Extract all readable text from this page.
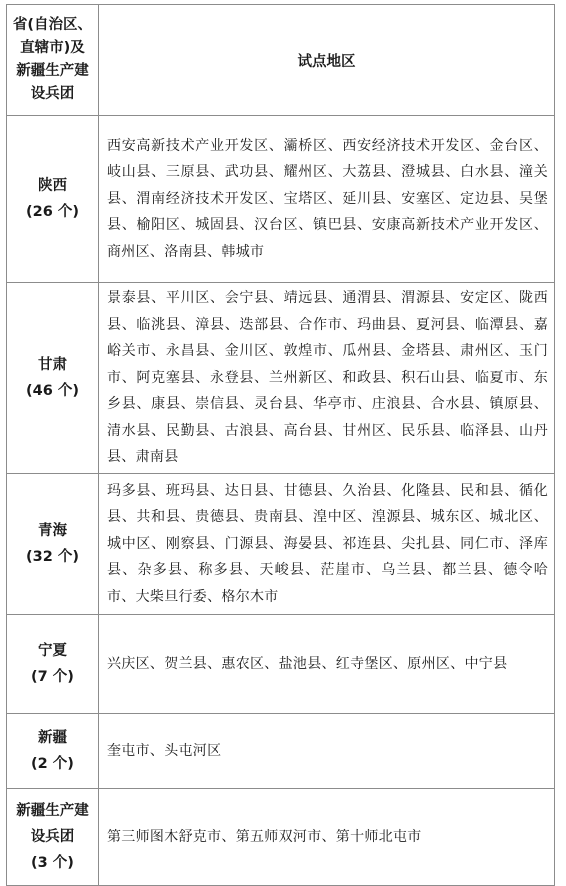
省(自治区、
直辖市)及
新疆生产建
设兵团	试点地区

陕西
(26 个)	西安高新技术产业开发区、灞桥区、西安经济技术开发区、金台区、岐山县、三原县、武功县、耀州区、大荔县、澄城县、白水县、潼关县、渭南经济技术开发区、宝塔区、延川县、安塞区、定边县、吴堡县、榆阳区、城固县、汉台区、镇巴县、安康高新技术产业开发区、商州区、洛南县、韩城市

甘肃
(46 个)	景泰县、平川区、会宁县、靖远县、通渭县、渭源县、安定区、陇西县、临洮县、漳县、迭部县、合作市、玛曲县、夏河县、临潭县、嘉峪关市、永昌县、金川区、敦煌市、瓜州县、金塔县、肃州区、玉门市、阿克塞县、永登县、兰州新区、和政县、积石山县、临夏市、东乡县、康县、崇信县、灵台县、华亭市、庄浪县、合水县、镇原县、清水县、民勤县、古浪县、高台县、甘州区、民乐县、临泽县、山丹县、肃南县

青海
(32 个)	玛多县、班玛县、达日县、甘德县、久治县、化隆县、民和县、循化县、共和县、贵德县、贵南县、湟中区、湟源县、城东区、城北区、城中区、刚察县、门源县、海晏县、祁连县、尖扎县、同仁市、泽库县、杂多县、称多县、天峻县、茫崖市、乌兰县、都兰县、德令哈市、大柴旦行委、格尔木市

宁夏
(7 个)	兴庆区、贺兰县、惠农区、盐池县、红寺堡区、原州区、中宁县

新疆
(2 个)	奎屯市、头屯河区

新疆生产建
设兵团
(3 个)	第三师图木舒克市、第五师双河市、第十师北屯市
